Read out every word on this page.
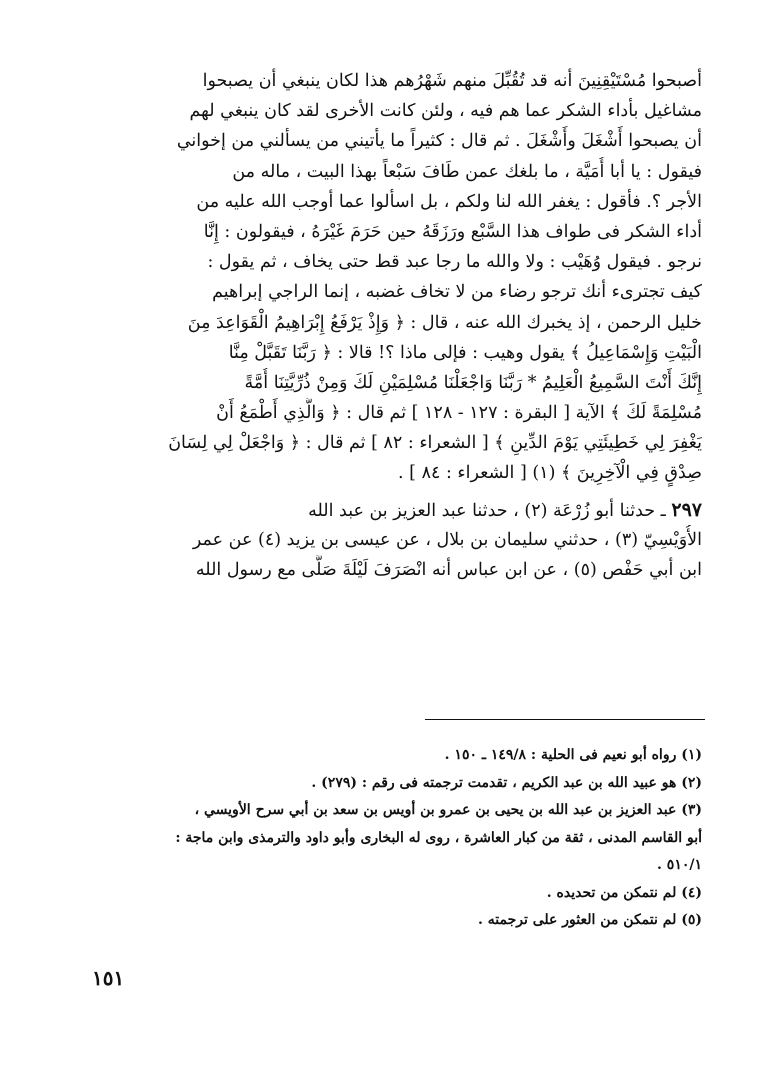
أصبحوا مُسْتَيْقِنِينَ أنه قد تُقُبِّلَ منهم شَهْرُهم هذا لكان ينبغي أن يصبحوا
مشاغيل بأداء الشكر عما هم فيه ، ولئن كانت الأخرى لقد كان ينبغي لهم
أن يصبحوا أَشْغَلَ وأَشْغَلَ . ثم قال : كثيراً ما يأتيني من يسألني من إخواني
فيقول : يا أبا أُمَيَّة ، ما بلغك عمن طَافَ سَبْعاً بهذا البيت ، ماله من
الأجر ؟. فأقول : يغفر الله لنا ولكم ، بل اسألوا عما أوجب الله عليه من
أداء الشكر فى طواف هذا السَّبْع ورَزَقَهُ حين حَرَمَ غَيْرَهُ ، فيقولون : إِنَّا
نرجو . فيقول وُهَيْب : ولا والله ما رجا عبد قط حتى يخاف ، ثم يقول :
كيف تجترىء أنك ترجو رضاء من لا تخاف غضبه ، إنما الراجي إبراهيم
خليل الرحمن ، إذ يخبرك الله عنه ، قال : ﴿ وَإِذْ يَرْفَعُ إِبْرَاهِيمُ الْقَوَاعِدَ مِنَ
الْبَيْتِ وَإِسْمَاعِيلُ ﴾ يقول وهيب : فإلى ماذا ؟! قالا : ﴿ رَبَّنَا تَقَبَّلْ مِنَّا
إِنَّكَ أَنْتَ السَّمِيعُ الْعَلِيمُ * رَبَّنَا وَاجْعَلْنَا مُسْلِمَيْنِ لَكَ وَمِنْ ذُرِّيَّتِنَا أُمَّةً
مُسْلِمَةً لَكَ ﴾ الآية [ البقرة : ١٢٧ - ١٢٨ ] ثم قال : ﴿ وَالَّذِي أَطْمَعُ أَنْ
يَغْفِرَ لِي خَطِيئَتِي يَوْمَ الدِّينِ ﴾ [ الشعراء : ٨٢ ] ثم قال : ﴿ وَاجْعَلْ لِي لِسَانَ
صِدْقٍ فِي الْآخِرِينَ ﴾ (١) [ الشعراء : ٨٤ ] .
٢٩٧ ـ حدثنا أبو زُرْعَة (٢) ، حدثنا عبد العزيز بن عبد الله
الأُوَيْسِيّ (٣) ، حدثني سليمان بن بلال ، عن عيسى بن يزيد (٤) عن عمر
ابن أبي حَفْص (٥) ، عن ابن عباس أنه انْصَرَفَ لَيْلَةَ صَلَّى مع رسول الله
(١) رواه أبو نعيم فى الحلية : ١٤٩/٨ ـ ١٥٠ .
(٢) هو عبيد الله بن عبد الكريم ، تقدمت ترجمته فى رقم : (٢٧٩) .
(٣) عبد العزيز بن عبد الله بن يحيى بن عمرو بن أويس بن سعد بن أبي سرح الأويسي ،
أبو القاسم المدنى ، ثقة من كبار العاشرة ، روى له البخارى وأبو داود والترمذى وابن ماجة :
٥١٠/١ .
(٤) لم نتمكن من تحديده .
(٥) لم نتمكن من العثور على ترجمته .
١٥١
